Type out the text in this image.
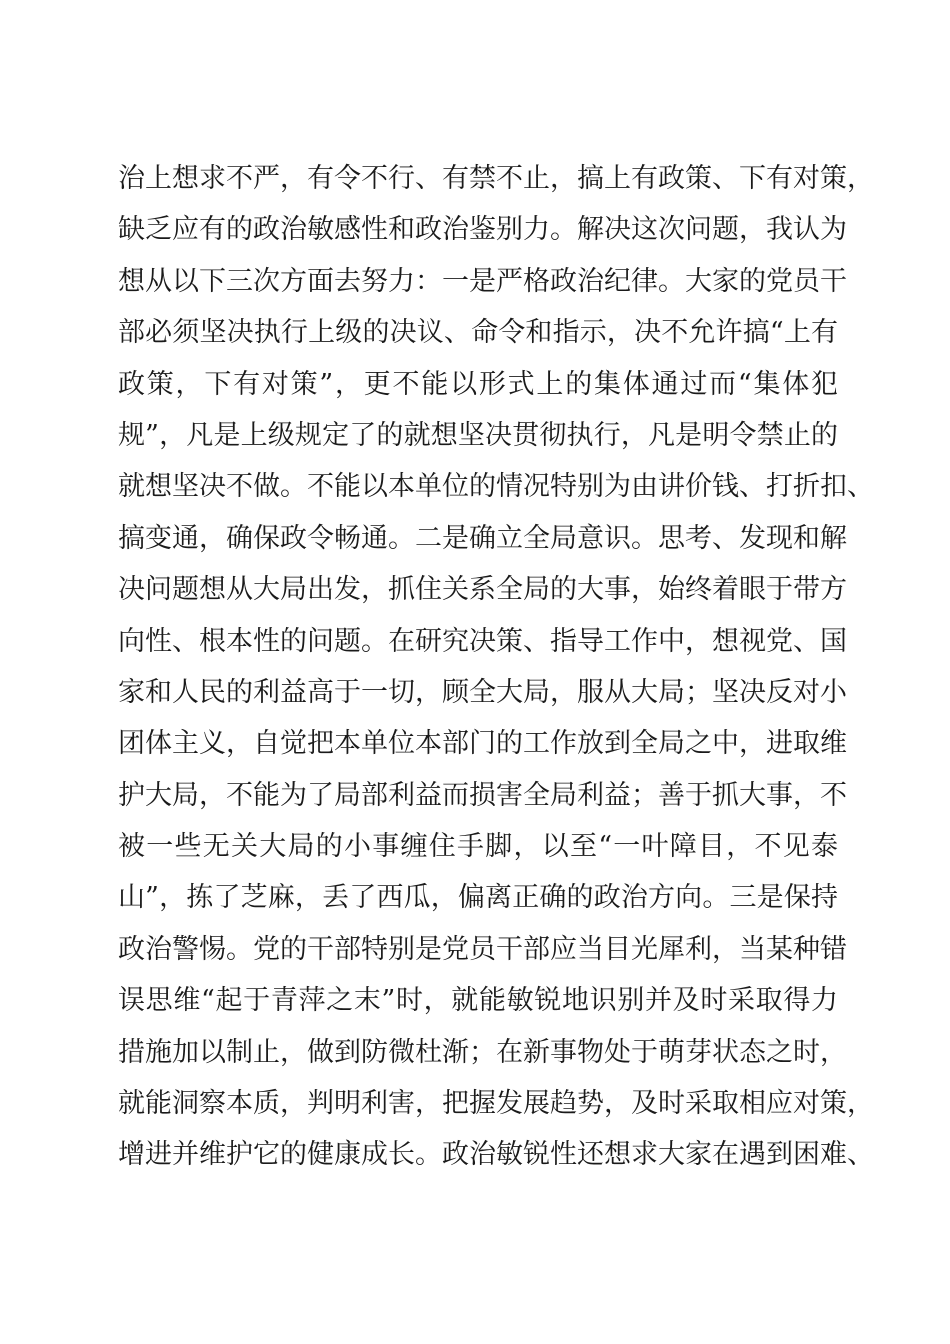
治上想求不严，有令不行、有禁不止，搞上有政策、下有对策，
缺乏应有的政治敏感性和政治鉴别力。解决这次问题，我认为
想从以下三次方面去努力：一是严格政治纪律。大家的党员干
部必须坚决执行上级的决议、命令和指示，决不允许搞“上有
政策，下有对策”，更不能以形式上的集体通过而“集体犯
规”，凡是上级规定了的就想坚决贯彻执行，凡是明令禁止的
就想坚决不做。不能以本单位的情况特别为由讲价钱、打折扣、
搞变通，确保政令畅通。二是确立全局意识。思考、发现和解
决问题想从大局出发，抓住关系全局的大事，始终着眼于带方
向性、根本性的问题。在研究决策、指导工作中，想视党、国
家和人民的利益高于一切，顾全大局，服从大局；坚决反对小
团体主义，自觉把本单位本部门的工作放到全局之中，进取维
护大局，不能为了局部利益而损害全局利益；善于抓大事，不
被一些无关大局的小事缠住手脚，以至“一叶障目，不见泰
山”，拣了芝麻，丢了西瓜，偏离正确的政治方向。三是保持
政治警惕。党的干部特别是党员干部应当目光犀利，当某种错
误思维“起于青萍之末”时，就能敏锐地识别并及时采取得力
措施加以制止，做到防微杜渐；在新事物处于萌芽状态之时，
就能洞察本质，判明利害，把握发展趋势，及时采取相应对策，
增进并维护它的健康成长。政治敏锐性还想求大家在遇到困难、
